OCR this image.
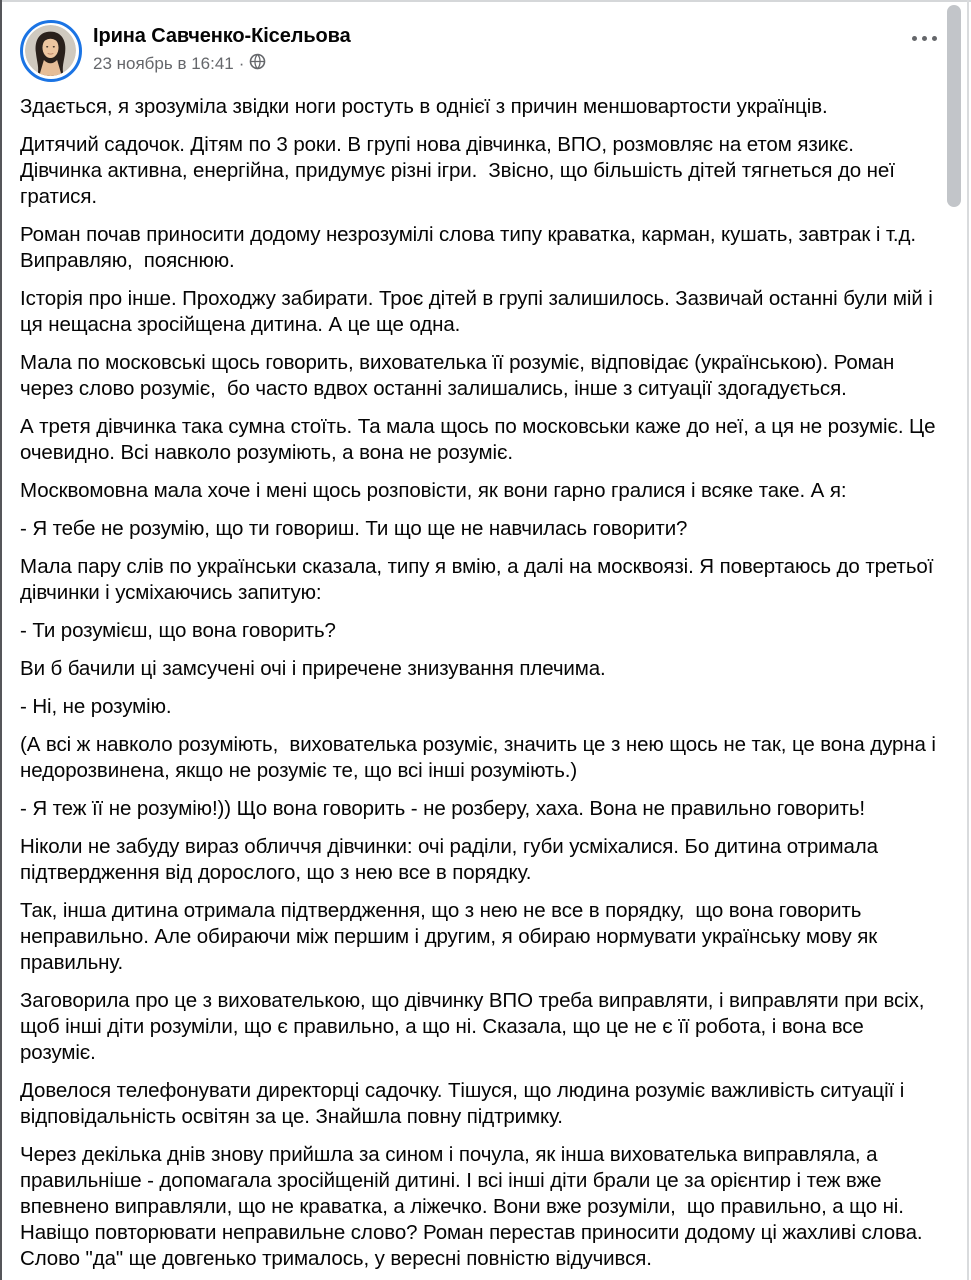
Ірина Савченко-Кісельова
23 ноябрь в 16:41 ·

Здається, я зрозуміла звідки ноги ростуть в однієї з причин меншовартости українців.

Дитячий садочок. Дітям по 3 роки. В групі нова дівчинка, ВПО, розмовляє на етом язикє. Дівчинка активна, енергійна, придумує різні ігри.  Звісно, що більшість дітей тягнеться до неї гратися.

Роман почав приносити додому незрозумілі слова типу краватка, карман, кушать, завтрак і т.д. Виправляю,  пояснюю.

Історія про інше. Проходжу забирати. Троє дітей в групі залишилось. Зазвичай останні були мій і ця нещасна зросійщена дитина. А це ще одна.

Мала по московські щось говорить, вихователька її розуміє, відповідає (українською). Роман через слово розуміє,  бо часто вдвох останні залишались, інше з ситуації здогадується.

А третя дівчинка така сумна стоїть. Та мала щось по московськи каже до неї, а ця не розуміє. Це очевидно. Всі навколо розуміють, а вона не розуміє.

Москвомовна мала хоче і мені щось розповісти, як вони гарно гралися і всяке таке. А я:

- Я тебе не розумію, що ти говориш. Ти що ще не навчилась говорити?

Мала пару слів по українськи сказала, типу я вмію, а далі на москвоязі. Я повертаюсь до третьої дівчинки і усміхаючись запитую:

- Ти розумієш, що вона говорить?

Ви б бачили ці замсучені очі і приречене знизування плечима.

- Ні, не розумію.

(А всі ж навколо розуміють,  вихователька розуміє, значить це з нею щось не так, це вона дурна і недорозвинена, якщо не розуміє те, що всі інші розуміють.)

- Я теж її не розумію!)) Що вона говорить - не розберу, хаха. Вона не правильно говорить!

Ніколи не забуду вираз обличчя дівчинки: очі раділи, губи усміхалися. Бо дитина отримала підтвердження від дорослого, що з нею все в порядку.

Так, інша дитина отримала підтвердження, що з нею не все в порядку,  що вона говорить неправильно. Але обираючи між першим і другим, я обираю нормувати українську мову як правильну.

Заговорила про це з вихователькою, що дівчинку ВПО треба виправляти, і виправляти при всіх, щоб інші діти розуміли, що є правильно, а що ні. Сказала, що це не є її робота, і вона все розуміє.

Довелося телефонувати директорці садочку. Тішуся, що людина розуміє важливість ситуації і відповідальність освітян за це. Знайшла повну підтримку.

Через декілька днів знову прийшла за сином і почула, як інша вихователька виправляла, а правильніше - допомагала зросійщеній дитині. І всі інші діти брали це за орієнтир і теж вже впевнено виправляли, що не краватка, а ліжечко. Вони вже розуміли,  що правильно, а що ні. Навіщо повторювати неправильне слово? Роман перестав приносити додому ці жахливі слова. Слово "да" ще довгенько трималось, у вересні повністю відучився.
